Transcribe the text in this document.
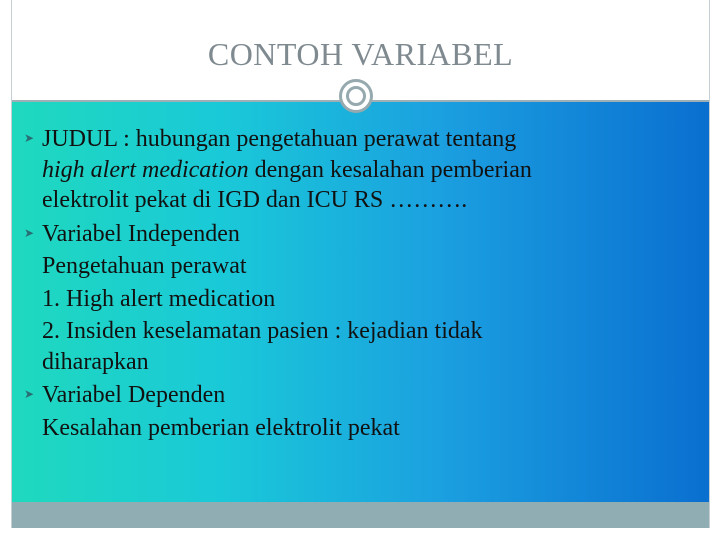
CONTOH VARIABEL
➤ JUDUL : hubungan pengetahuan perawat tentang
high alert medication dengan kesalahan pemberian
elektrolit pekat di IGD dan ICU RS ……….
➤ Variabel Independen
Pengetahuan perawat
1. High alert medication
2. Insiden keselamatan pasien : kejadian tidak
diharapkan
➤ Variabel Dependen
Kesalahan pemberian elektrolit pekat
